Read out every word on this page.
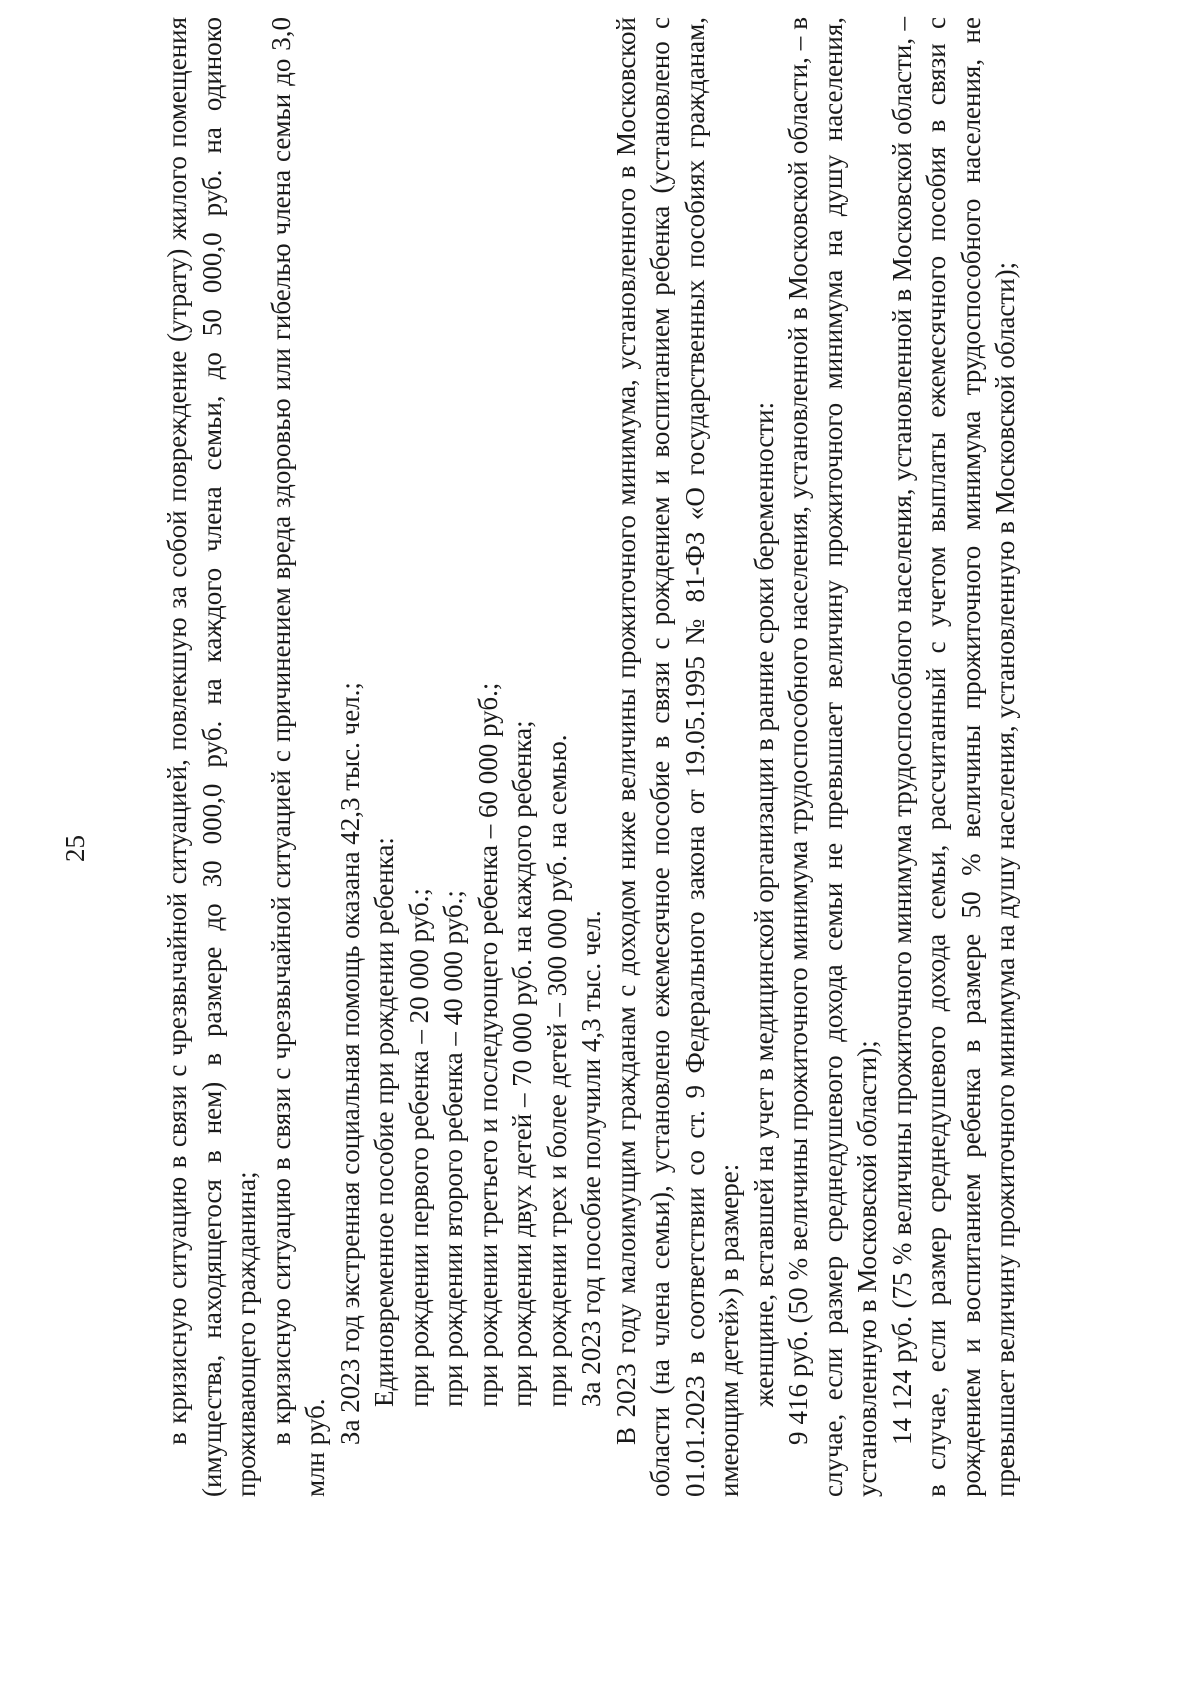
25	в кризисную ситуацию в связи с чрезвычайной ситуацией, повлекшую за собой повреждение (утрату) жилого помещения (имущества, находящегося в нем) в размере до 30 000,0 руб. на каждого члена семьи, до 50 000,0 руб. на одиноко проживающего гражданина; в кризисную ситуацию в связи с чрезвычайной ситуацией с причинением вреда здоровью или гибелью члена семьи до 3,0 млн руб.

За 2023 год экстренная социальная помощь оказана 42,3 тыс. чел.; Единовременное пособие при рождении ребенка: при рождении первого ребенка – 20 000 руб.; при рождении второго ребенка – 40 000 руб.; при рождении третьего и последующего ребенка – 60 000 руб.; при рождении двух детей – 70 000 руб. на каждого ребенка; при рождении трех и более детей – 300 000 руб. на семью. За 2023 год пособие получили 4,3 тыс. чел. В 2023 году малоимущим гражданам с доходом ниже величины прожиточного минимума, установленного в Московской области (на члена семьи), установлено ежемесячное пособие в связи с рождением и воспитанием ребенка (установлено с 01.01.2023 в соответствии со ст. 9 Федерального закона от 19.05.1995 № 81-ФЗ «О государственных пособиях гражданам, имеющим детей») в размере: женщине, вставшей на учет в медицинской организации в ранние сроки беременности: 9 416 руб. (50 % величины прожиточного минимума трудоспособного населения, установленной в Московской области, – в случае, если размер среднедушевого дохода семьи не превышает величину прожиточного минимума на душу населения, установленную в Московской области); 14 124 руб. (75 % величины прожиточного минимума трудоспособного населения, установленной в Московской области, – в случае, если размер среднедушевого дохода семьи, рассчитанный с учетом выплаты ежемесячного пособия в связи с рождением и воспитанием ребенка в размере 50 % величины прожиточного минимума трудоспособного населения, не превышает величину прожиточного минимума на душу населения, установленную в Московской области);
